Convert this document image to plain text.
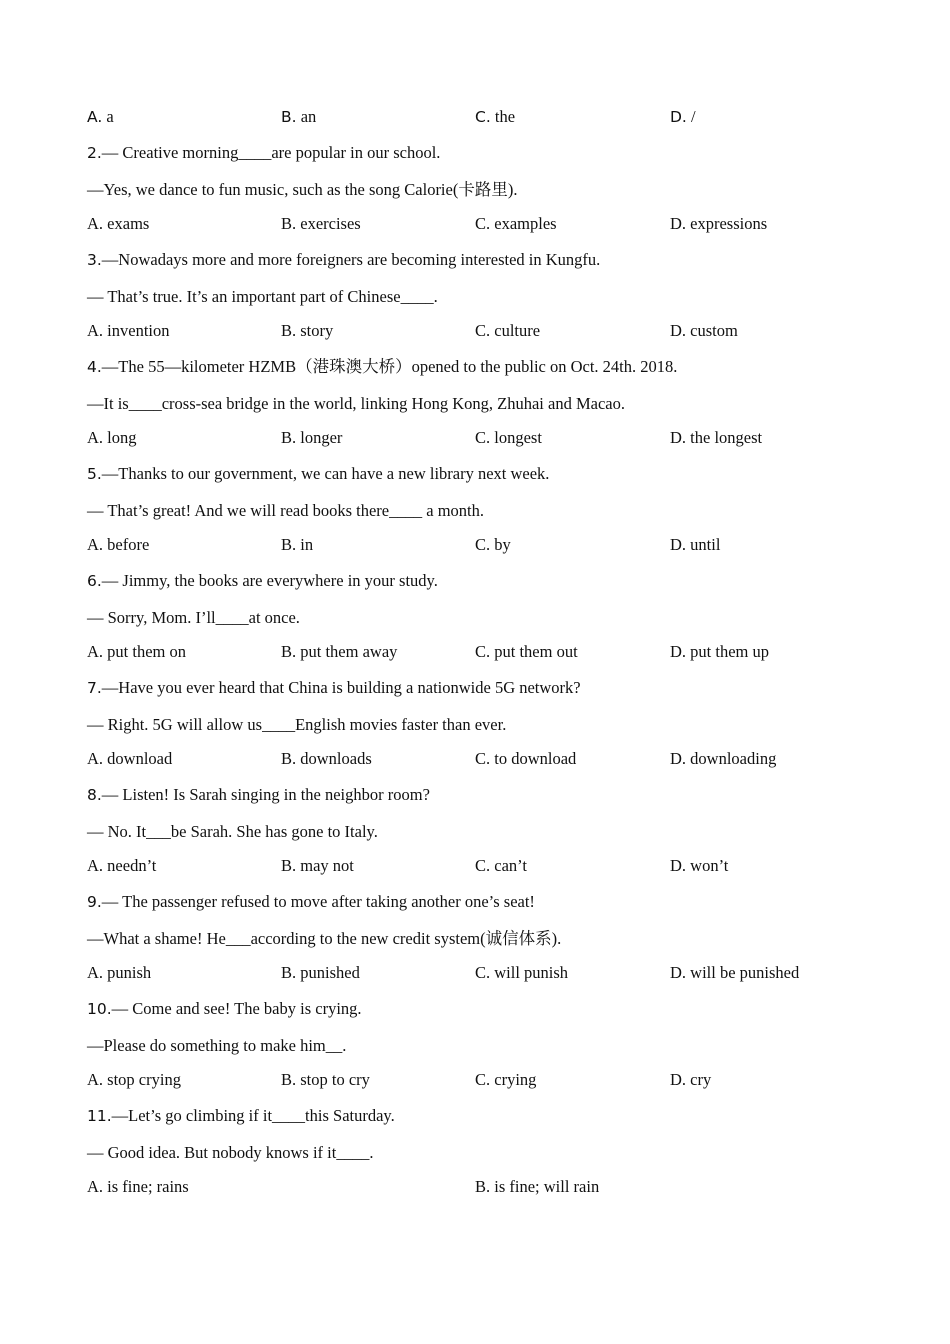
A. a	B. an	C. the	D. /
2.— Creative morning____are popular in our school.
—Yes, we dance to fun music, such as the song Calorie(卡路里).
A. exams	B. exercises	C. examples	D. expressions
3.—Nowadays more and more foreigners are becoming interested in Kungfu.
— That’s true. It’s an important part of Chinese____.
A. invention	B. story	C. culture	D. custom
4.—The 55—kilometer HZMB（港珠澳大桥）opened to the public on Oct. 24th. 2018.
—It is____cross-sea bridge in the world, linking Hong Kong, Zhuhai and Macao.
A. long	B. longer	C. longest	D. the longest
5.—Thanks to our government, we can have a new library next week.
— That’s great! And we will read books there____ a month.
A. before	B. in	C. by	D. until
6.— Jimmy, the books are everywhere in your study.
— Sorry, Mom. I’ll____at once.
A. put them on	B. put them away	C. put them out	D. put them up
7.—Have you ever heard that China is building a nationwide 5G network?
— Right. 5G will allow us____English movies faster than ever.
A. download	B. downloads	C. to download	D. downloading
8.— Listen! Is Sarah singing in the neighbor room?
— No. It___be Sarah. She has gone to Italy.
A. needn’t	B. may not	C. can’t	D. won’t
9.— The passenger refused to move after taking another one’s seat!
—What a shame! He___according to the new credit system(诚信体系).
A. punish	B. punished	C. will punish	D. will be punished
10.— Come and see! The baby is crying.
—Please do something to make him__.
A. stop crying	B. stop to cry	C. crying	D. cry
11.—Let’s go climbing if it____this Saturday.
— Good idea. But nobody knows if it____.
A. is fine; rains	B. is fine; will rain
